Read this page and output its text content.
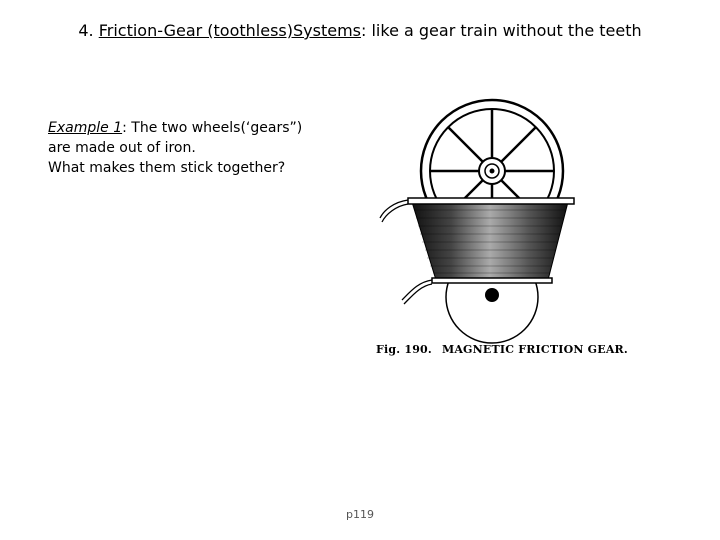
4. Friction-Gear (toothless)Systems: like a gear train without the teeth
Example 1: The two wheels(‘gears”)
are made out of iron.
What makes them stick together?
Fig. 190. MAGNETIC FRICTION GEAR.
p119
